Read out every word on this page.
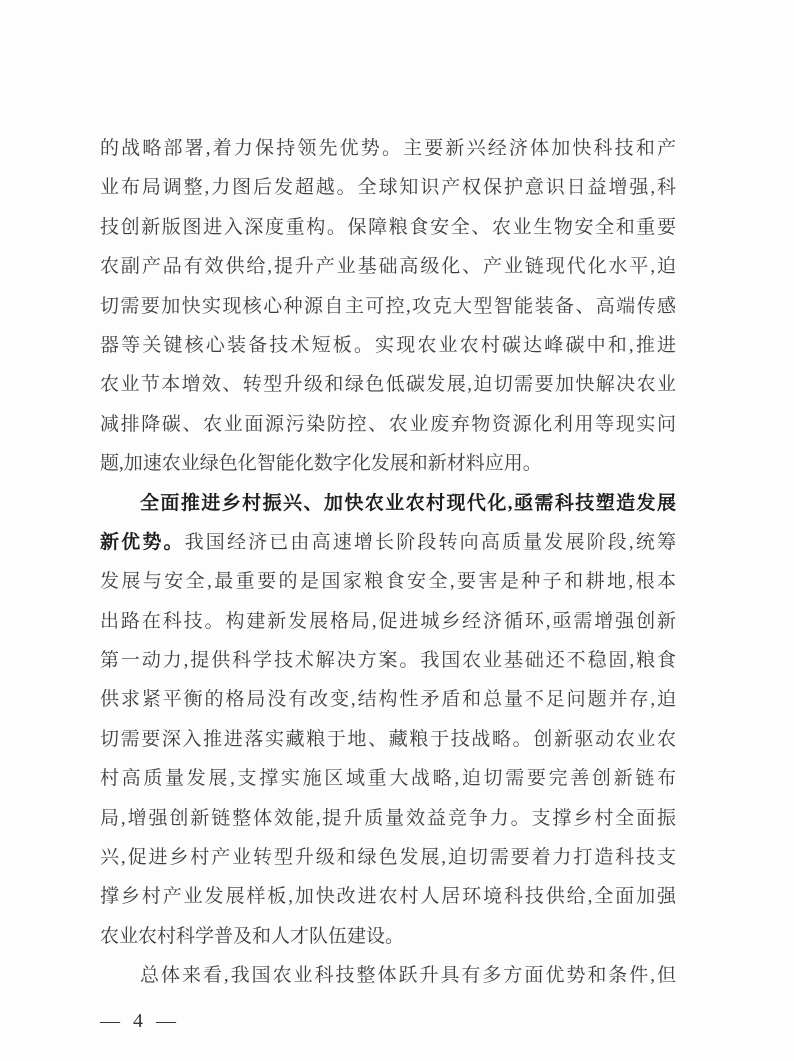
的战略部署,着力保持领先优势。主要新兴经济体加快科技和产
业布局调整,力图后发超越。全球知识产权保护意识日益增强,科
技创新版图进入深度重构。保障粮食安全、农业生物安全和重要
农副产品有效供给,提升产业基础高级化、产业链现代化水平,迫
切需要加快实现核心种源自主可控,攻克大型智能装备、高端传感
器等关键核心装备技术短板。实现农业农村碳达峰碳中和,推进
农业节本增效、转型升级和绿色低碳发展,迫切需要加快解决农业
减排降碳、农业面源污染防控、农业废弃物资源化利用等现实问
题,加速农业绿色化智能化数字化发展和新材料应用。
全面推进乡村振兴、加快农业农村现代化,亟需科技塑造发展
新优势。我国经济已由高速增长阶段转向高质量发展阶段,统筹
发展与安全,最重要的是国家粮食安全,要害是种子和耕地,根本
出路在科技。构建新发展格局,促进城乡经济循环,亟需增强创新
第一动力,提供科学技术解决方案。我国农业基础还不稳固,粮食
供求紧平衡的格局没有改变,结构性矛盾和总量不足问题并存,迫
切需要深入推进落实藏粮于地、藏粮于技战略。创新驱动农业农
村高质量发展,支撑实施区域重大战略,迫切需要完善创新链布
局,增强创新链整体效能,提升质量效益竞争力。支撑乡村全面振
兴,促进乡村产业转型升级和绿色发展,迫切需要着力打造科技支
撑乡村产业发展样板,加快改进农村人居环境科技供给,全面加强
农业农村科学普及和人才队伍建设。
总体来看,我国农业科技整体跃升具有多方面优势和条件,但
— 4 —
